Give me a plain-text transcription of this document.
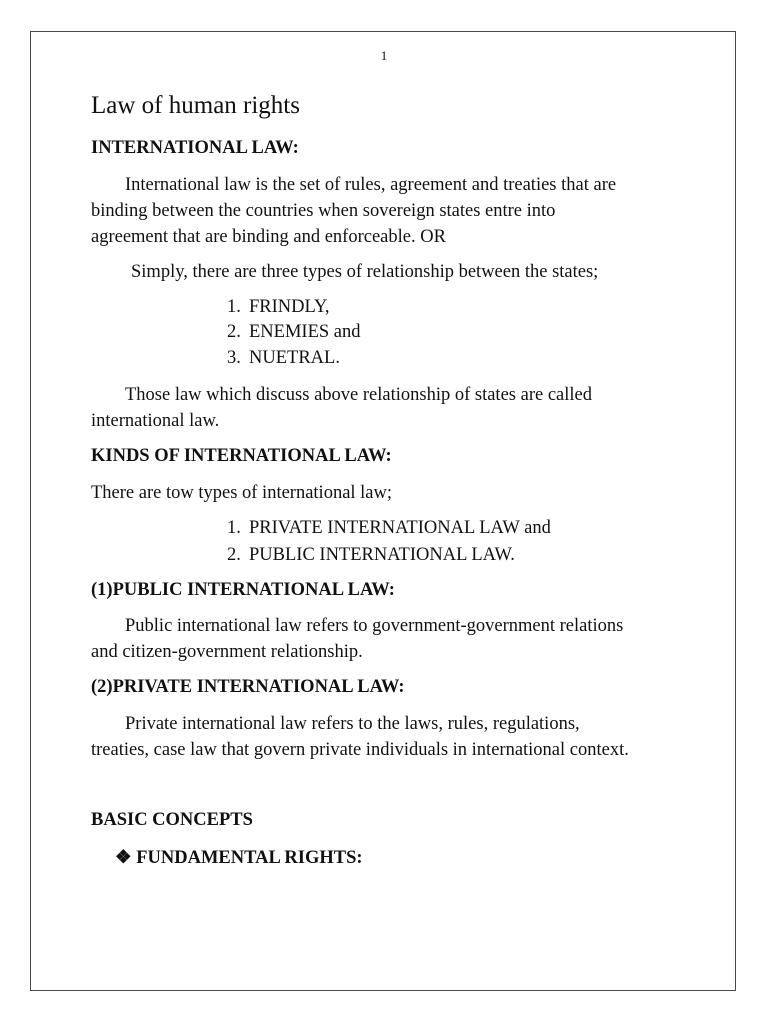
1
Law of human rights
INTERNATIONAL LAW:
International law is the set of rules, agreement and treaties that are
binding between the countries when sovereign states entre into
agreement that are binding and enforceable. OR
Simply, there are three types of relationship between the states;
1. FRINDLY,
2. ENEMIES and
3. NUETRAL.
Those law which discuss above relationship of states are called
international law.
KINDS OF INTERNATIONAL LAW:
There are tow types of international law;
1. PRIVATE INTERNATIONAL LAW and
2. PUBLIC INTERNATIONAL LAW.
(1)PUBLIC INTERNATIONAL LAW:
Public international law refers to government-government relations
and citizen-government relationship.
(2)PRIVATE INTERNATIONAL LAW:
Private international law refers to the laws, rules, regulations,
treaties, case law that govern private individuals in international context.
BASIC CONCEPTS
❖ FUNDAMENTAL RIGHTS:
